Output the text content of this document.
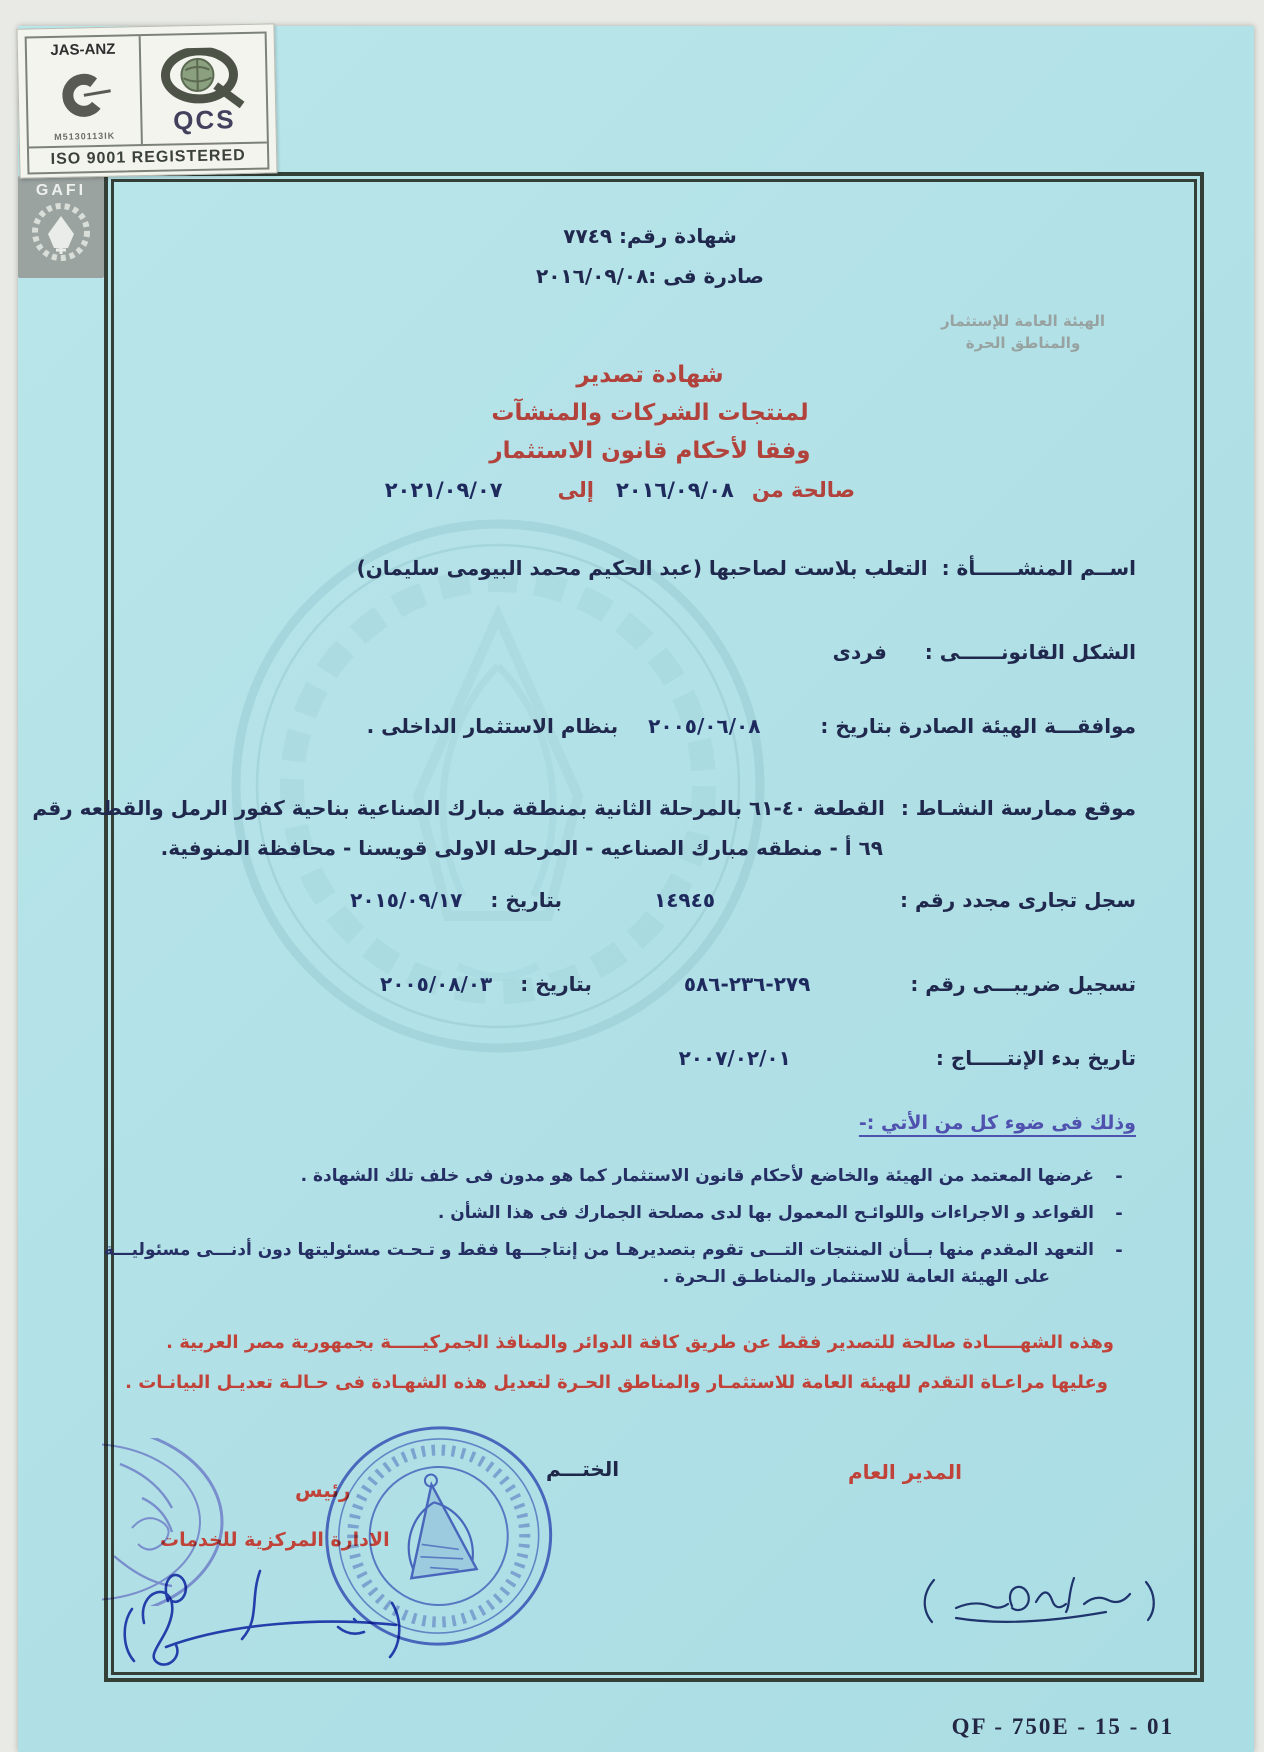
JAS-ANZ
M5130113IK
QCS
ISO 9001 REGISTERED
شهادة رقم: ٧٧٤٩
صادرة فى :٢٠١٦/٠٩/٠٨
GAFI
الهيئة العامة للإستثمار
والمناطق الحرة
شهادة تصدير
لمنتجات الشركات والمنشآت
وفقا لأحكام قانون الاستثمار
صالحة من
٢٠١٦/٠٩/٠٨
إلى
٢٠٢١/٠٩/٠٧
اســم المنشــــــأة :
التعلب بلاست لصاحبها (عبد الحكيم محمد البيومى سليمان)
الشكل القانونــــــى :
فردى
موافقـــة الهيئة الصادرة بتاريخ :
٢٠٠٥/٠٦/٠٨
بنظام الاستثمار الداخلى .
موقع ممارسة النشـاط :
القطعة ٤٠-٦١ بالمرحلة الثانية بمنطقة مبارك الصناعية بناحية كفور الرمل والقطعه رقم
٦٩ أ - منطقه مبارك الصناعيه - المرحله الاولى قويسنا - محافظة المنوفية.
سجل تجارى مجدد رقم :
١٤٩٤٥
بتاريخ :
٢٠١٥/٠٩/١٧
تسجيل ضريبـــى رقم :
٢٧٩-٢٣٦-٥٨٦
بتاريخ :
٢٠٠٥/٠٨/٠٣
تاريخ بدء الإنتـــــاج :
٢٠٠٧/٠٢/٠١
وذلك فى ضوء كل من الأتي :-
-
غرضها المعتمد من الهيئة والخاضع لأحكام قانون الاستثمار كما هو مدون فى خلف تلك الشهادة .
-
القواعد و الاجراءات واللوائـح المعمول بها لدى مصلحة الجمارك فى هذا الشأن .
-
التعهد المقدم منها بـــأن المنتجات التـــى تقوم بتصديرهـا من إنتاجـــها فقط و تـحـت مسئوليتها دون أدنـــى مسئوليـــة
على الهيئة العامة للاستثمار والمناطـق الـحرة .
وهذه الشهـــــادة صالحة للتصدير فقط عن طريق كافة الدوائر والمنافذ الجمركيـــــة بجمهورية مصر العربية .
وعليها مراعـاة التقدم للهيئة العامة للاستثمـار والمناطق الحـرة لتعديل هذه الشهـادة فى حـالـة تعديـل البيانـات .
المدير العام
الختـــم
رئيس
الادارة المركزية للخدمات
QF - 750E - 15 - 01
